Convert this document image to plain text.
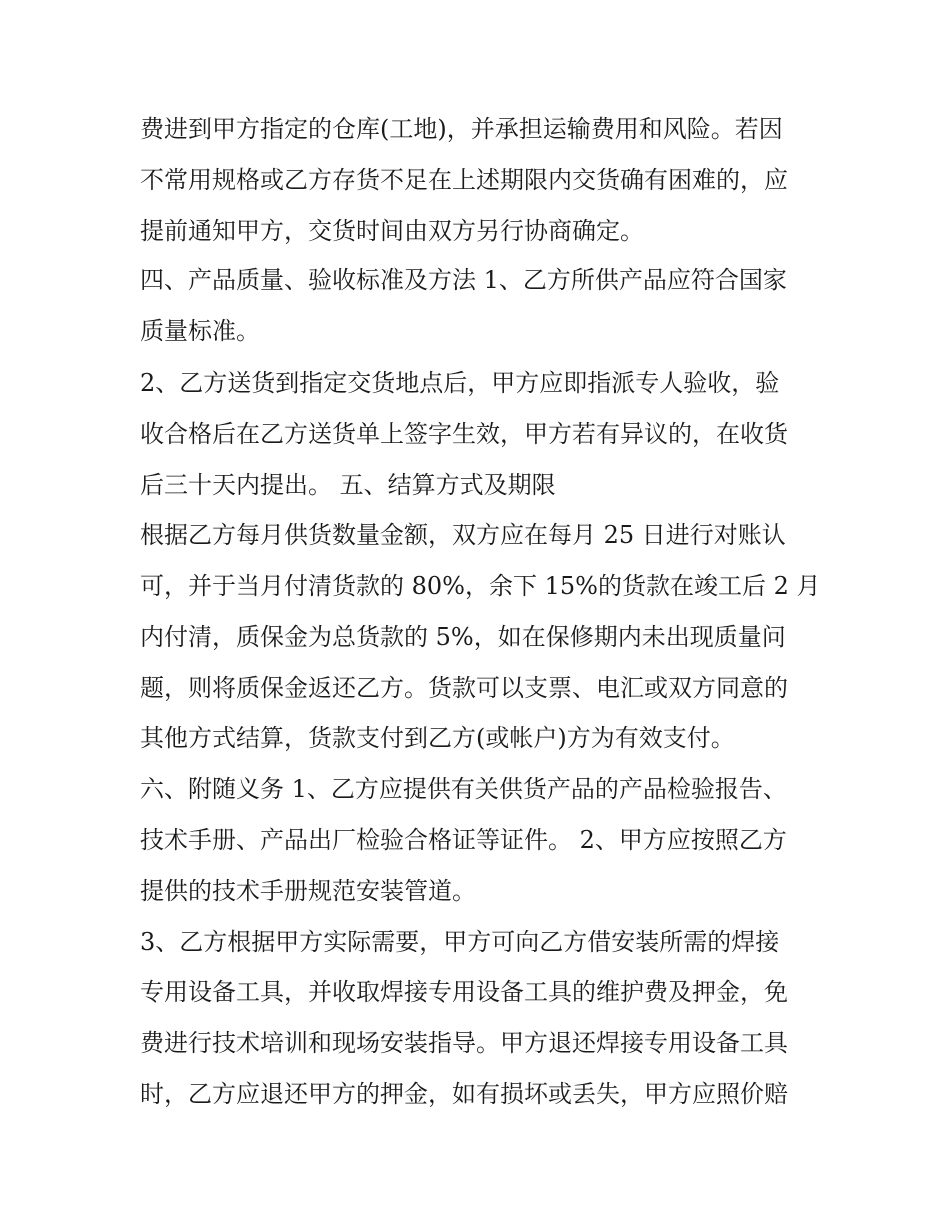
费进到甲方指定的仓库(工地)，并承担运输费用和风险。若因
不常用规格或乙方存货不足在上述期限内交货确有困难的，应
提前通知甲方，交货时间由双方另行协商确定。
四、产品质量、验收标准及方法 1、乙方所供产品应符合国家
质量标准。
2、乙方送货到指定交货地点后，甲方应即指派专人验收，验
收合格后在乙方送货单上签字生效，甲方若有异议的，在收货
后三十天内提出。 五、结算方式及期限
根据乙方每月供货数量金额，双方应在每月 25 日进行对账认
可，并于当月付清货款的 80%，余下 15%的货款在竣工后 2 月
内付清，质保金为总货款的 5%，如在保修期内未出现质量问
题，则将质保金返还乙方。货款可以支票、电汇或双方同意的
其他方式结算，货款支付到乙方(或帐户)方为有效支付。
六、附随义务 1、乙方应提供有关供货产品的产品检验报告、
技术手册、产品出厂检验合格证等证件。 2、甲方应按照乙方
提供的技术手册规范安装管道。
3、乙方根据甲方实际需要，甲方可向乙方借安装所需的焊接
专用设备工具，并收取焊接专用设备工具的维护费及押金，免
费进行技术培训和现场安装指导。甲方退还焊接专用设备工具
时，乙方应退还甲方的押金，如有损坏或丢失，甲方应照价赔
